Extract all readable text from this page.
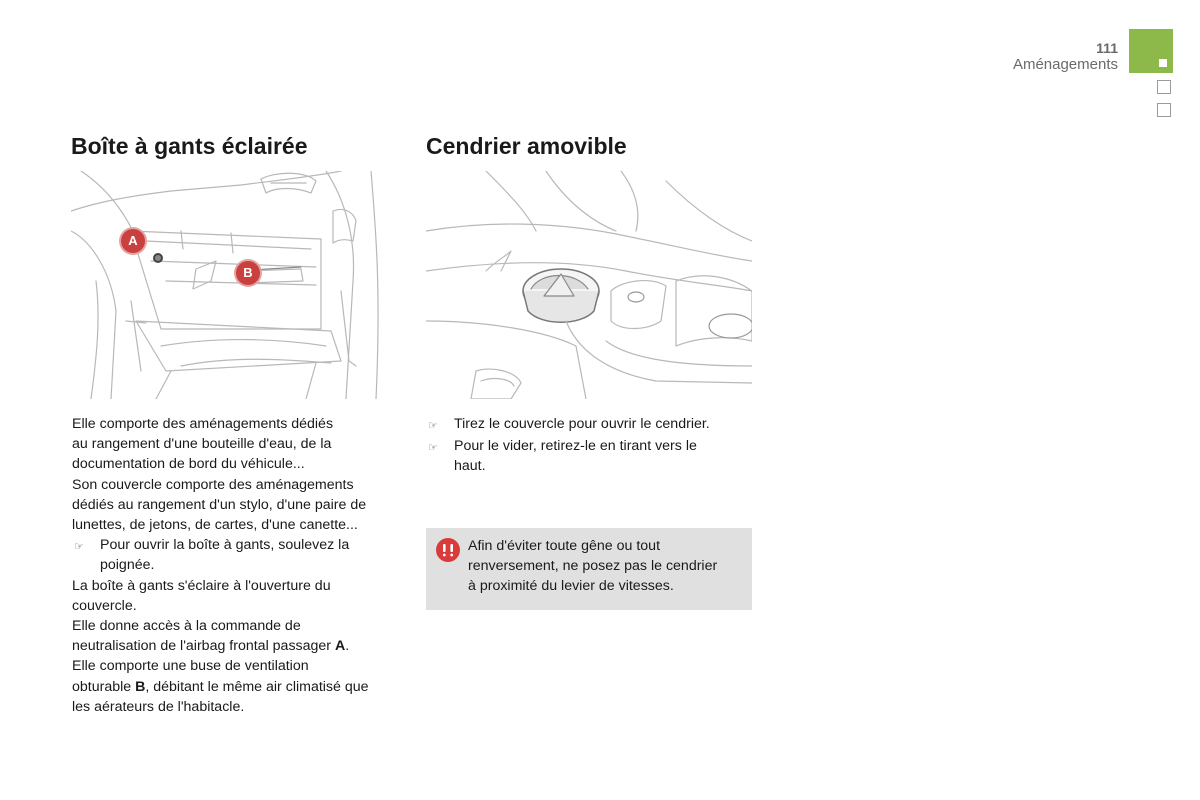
111
Aménagements
Boîte à gants éclairée
A
B
Elle comporte des aménagements dédiés
au rangement d'une bouteille d'eau, de la
documentation de bord du véhicule...
Son couvercle comporte des aménagements
dédiés au rangement d'un stylo, d'une paire de
lunettes, de jetons, de cartes, d'une canette...
☞	Pour ouvrir la boîte à gants, soulevez la
poignée.
La boîte à gants s'éclaire à l'ouverture du
couvercle.
Elle donne accès à la commande de
neutralisation de l'airbag frontal passager A.
Elle comporte une buse de ventilation
obturable B, débitant le même air climatisé que
les aérateurs de l'habitacle.
Cendrier amovible
☞	Tirez le couvercle pour ouvrir le cendrier.
☞	Pour le vider, retirez-le en tirant vers le
haut.
Afin d'éviter toute gêne ou tout
renversement, ne posez pas le cendrier
à proximité du levier de vitesses.
